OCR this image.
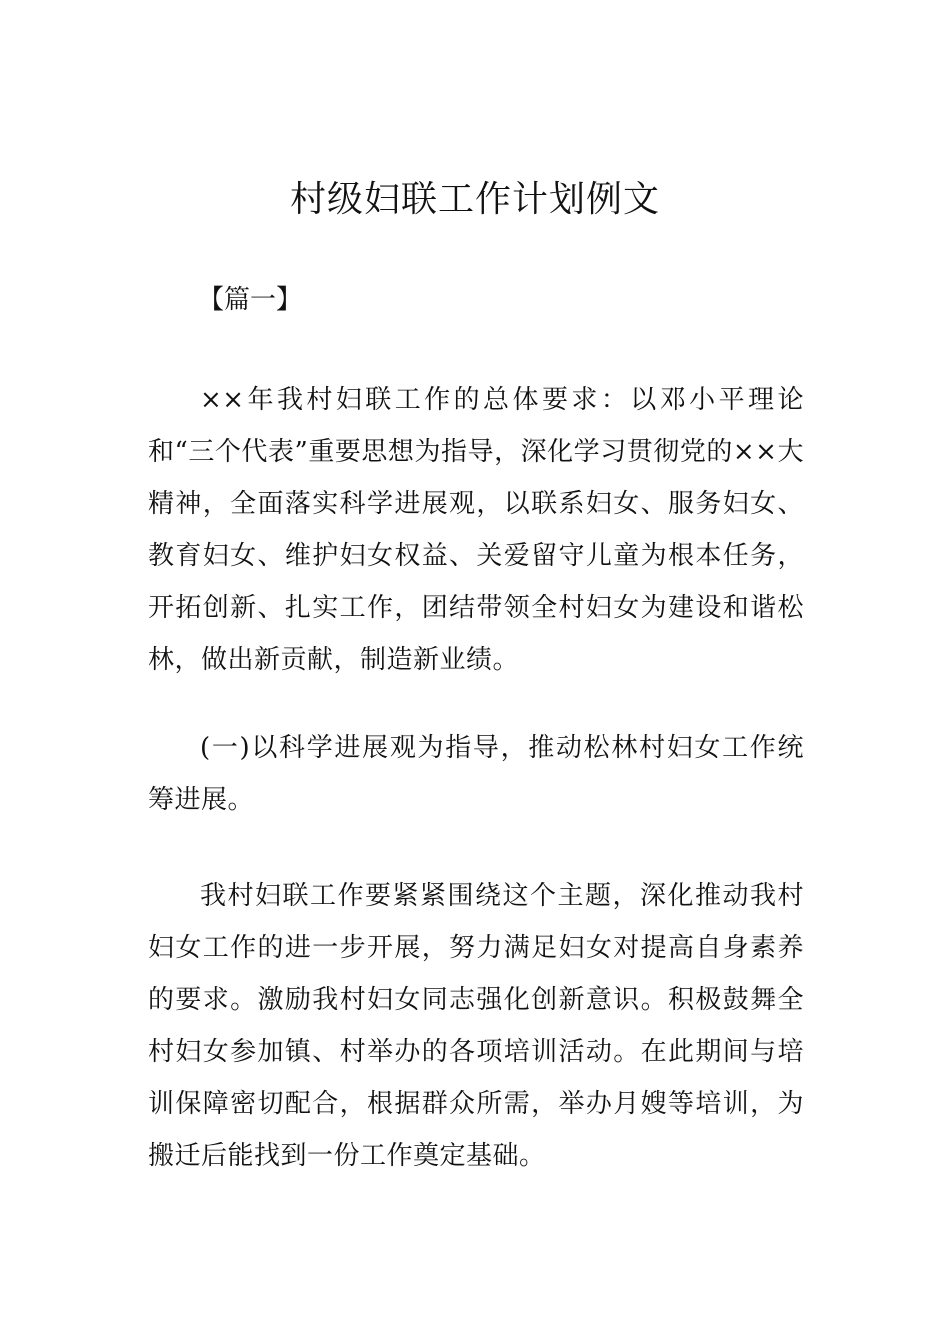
村级妇联工作计划例文

【篇一】

××年我村妇联工作的总体要求：以邓小平理论和“三个代表”重要思想为指导，深化学习贯彻党的××大精神，全面落实科学进展观，以联系妇女、服务妇女、教育妇女、维护妇女权益、关爱留守儿童为根本任务，开拓创新、扎实工作，团结带领全村妇女为建设和谐松林，做出新贡献，制造新业绩。

(一)以科学进展观为指导，推动松林村妇女工作统筹进展。

我村妇联工作要紧紧围绕这个主题，深化推动我村妇女工作的进一步开展，努力满足妇女对提高自身素养的要求。激励我村妇女同志强化创新意识。积极鼓舞全村妇女参加镇、村举办的各项培训活动。在此期间与培训保障密切配合，根据群众所需，举办月嫂等培训，为搬迁后能找到一份工作奠定基础。
